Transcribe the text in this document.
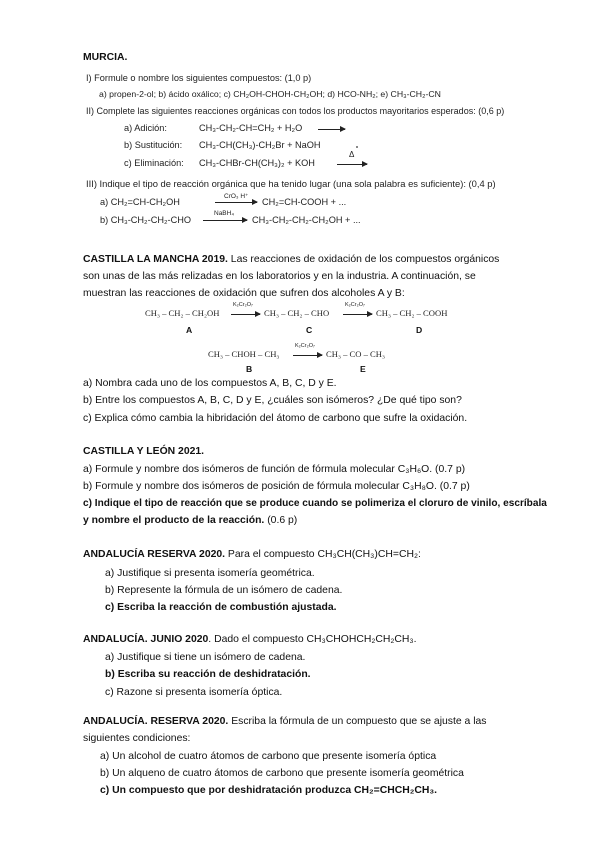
MURCIA.
I) Formule o nombre los siguientes compuestos: (1,0 p)
a) propen-2-ol; b) ácido oxálico; c) CH₂OH-CHOH-CH₂OH; d) HCO-NH₂; e) CH₃-CH₂-CN
II) Complete las siguientes reacciones orgánicas con todos los productos mayoritarios esperados: (0,6 p)
a) Adición:	CH₃-CH₂-CH=CH₂ + H₂O →
b) Sustitución: CH₃-CH(CH₃)-CH₂Br + NaOH
c) Eliminación: CH₃-CHBr-CH(CH₃)₂ + KOH
Δ
III) Indique el tipo de reacción orgánica que ha tenido lugar (una sola palabra es suficiente): (0,4 p)
a) CH₂=CH-CH₂OH
CrO₃ H⁺
→ CH₂=CH-COOH + ...
b) CH₃-CH₂-CH₂-CHO
NaBH₄
→ CH₃-CH₂-CH₂-CH₂OH + ...
CASTILLA LA MANCHA 2019. Las reacciones de oxidación de los compuestos orgánicos
son unas de las más relizadas en los laboratorios y en la industria. A continuación, se
muestran las reacciones de oxidación que sufren dos alcoholes A y B:
CH₃ – CH₂ – CH₂OH
K₂Cr₂O₇
→ CH₃ – CH₂ – CHO
K₂Cr₂O₇
→ CH₃ – CH₂ – COOH
A	C	D
CH₃ – CHOH – CH₃
K₂Cr₂O₇
→ CH₃ – CO – CH₃
B	E
a) Nombra cada uno de los compuestos A, B, C, D y E.
b) Entre los compuestos A, B, C, D y E, ¿cuáles son isómeros? ¿De qué tipo son?
c) Explica cómo cambia la hibridación del átomo de carbono que sufre la oxidación.
CASTILLA Y LEÓN 2021.
a) Formule y nombre dos isómeros de función de fórmula molecular C₃H₆O. (0.7 p)
b) Formule y nombre dos isómeros de posición de fórmula molecular C₃H₈O. (0.7 p)
c) Indique el tipo de reacción que se produce cuando se polimeriza el cloruro de vinilo, escríbala
y nombre el producto de la reacción. (0.6 p)
ANDALUCÍA RESERVA 2020. Para el compuesto CH₃CH(CH₃)CH=CH₂:
a) Justifique si presenta isomería geométrica.
b) Represente la fórmula de un isómero de cadena.
c) Escriba la reacción de combustión ajustada.
ANDALUCÍA. JUNIO 2020. Dado el compuesto CH₃CHOHCH₂CH₂CH₃.
a) Justifique si tiene un isómero de cadena.
b) Escriba su reacción de deshidratación.
c) Razone si presenta isomería óptica.
ANDALUCÍA. RESERVA 2020. Escriba la fórmula de un compuesto que se ajuste a las
siguientes condiciones:
a) Un alcohol de cuatro átomos de carbono que presente isomería óptica
b) Un alqueno de cuatro átomos de carbono que presente isomería geométrica
c) Un compuesto que por deshidratación produzca CH₂=CHCH₂CH₃.
